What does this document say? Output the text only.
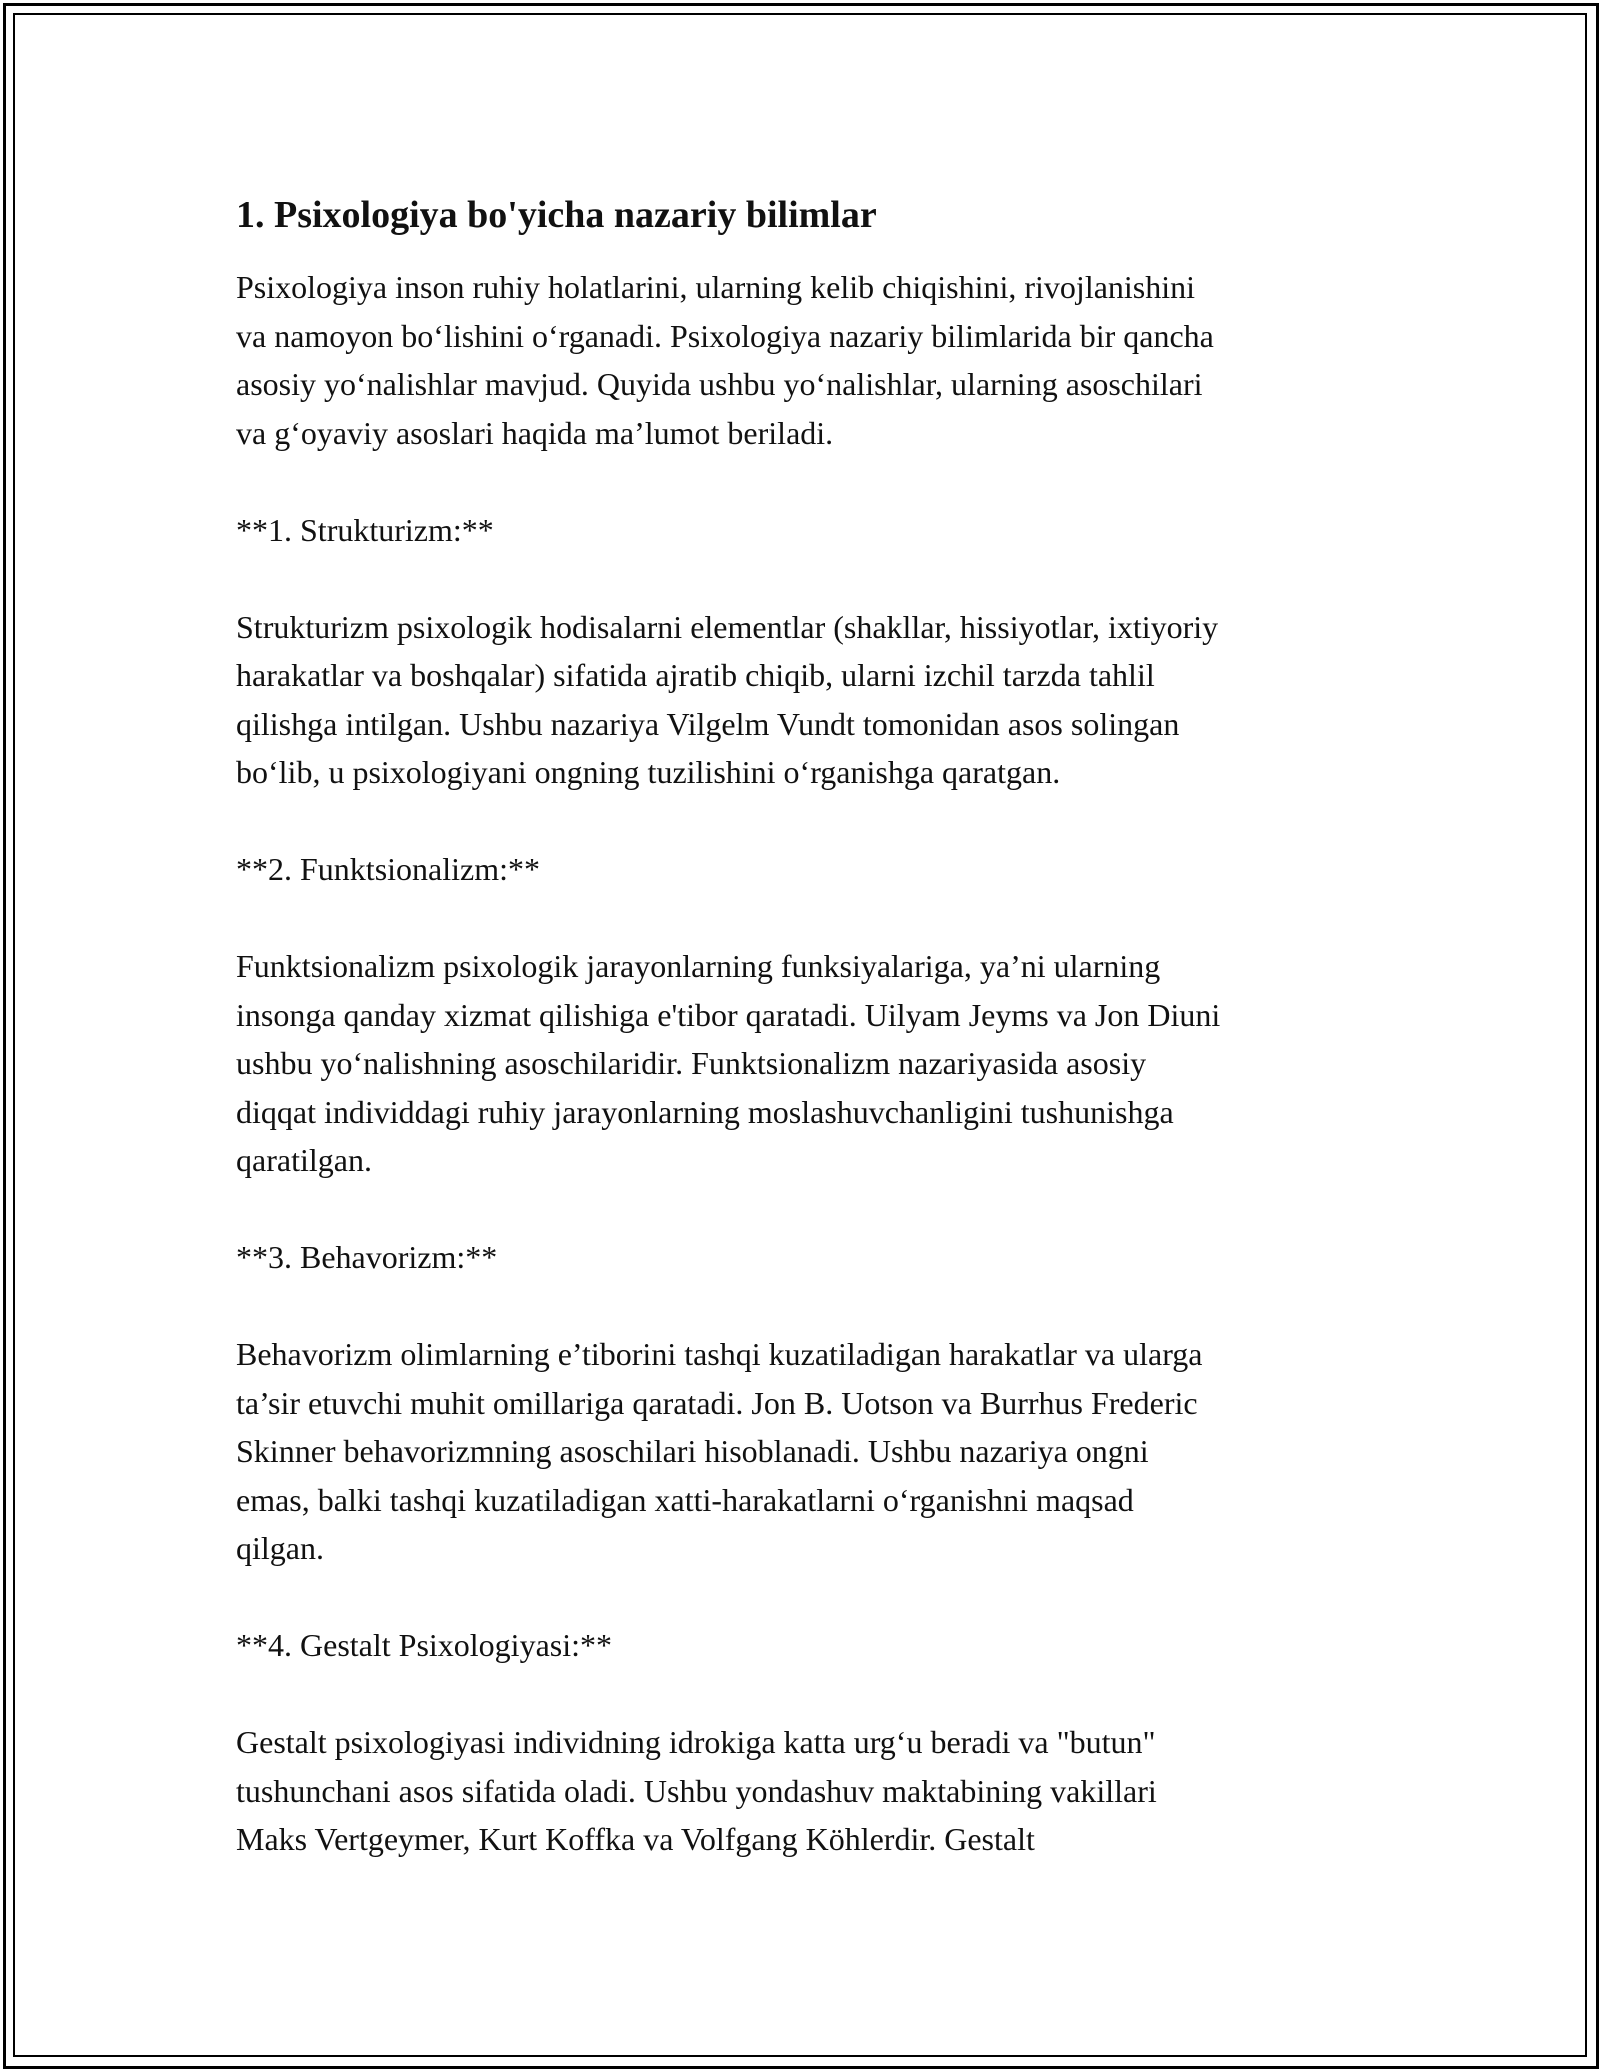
1. Psixologiya bo'yicha nazariy bilimlar

Psixologiya inson ruhiy holatlarini, ularning kelib chiqishini, rivojlanishini
va namoyon bo‘lishini o‘rganadi. Psixologiya nazariy bilimlarida bir qancha
asosiy yo‘nalishlar mavjud. Quyida ushbu yo‘nalishlar, ularning asoschilari
va g‘oyaviy asoslari haqida ma’lumot beriladi.

**1. Strukturizm:**

Strukturizm psixologik hodisalarni elementlar (shakllar, hissiyotlar, ixtiyoriy
harakatlar va boshqalar) sifatida ajratib chiqib, ularni izchil tarzda tahlil
qilishga intilgan. Ushbu nazariya Vilgelm Vundt tomonidan asos solingan
bo‘lib, u psixologiyani ongning tuzilishini o‘rganishga qaratgan.

**2. Funktsionalizm:**

Funktsionalizm psixologik jarayonlarning funksiyalariga, ya’ni ularning
insonga qanday xizmat qilishiga e'tibor qaratadi. Uilyam Jeyms va Jon Diuni
ushbu yo‘nalishning asoschilaridir. Funktsionalizm nazariyasida asosiy
diqqat individdagi ruhiy jarayonlarning moslashuvchanligini tushunishga
qaratilgan.

**3. Behavorizm:**

Behavorizm olimlarning e’tiborini tashqi kuzatiladigan harakatlar va ularga
ta’sir etuvchi muhit omillariga qaratadi. Jon B. Uotson va Burrhus Frederic
Skinner behavorizmning asoschilari hisoblanadi. Ushbu nazariya ongni
emas, balki tashqi kuzatiladigan xatti-harakatlarni o‘rganishni maqsad
qilgan.

**4. Gestalt Psixologiyasi:**

Gestalt psixologiyasi individning idrokiga katta urg‘u beradi va "butun"
tushunchani asos sifatida oladi. Ushbu yondashuv maktabining vakillari
Maks Vertgeymer, Kurt Koffka va Volfgang Köhlerdir. Gestalt
